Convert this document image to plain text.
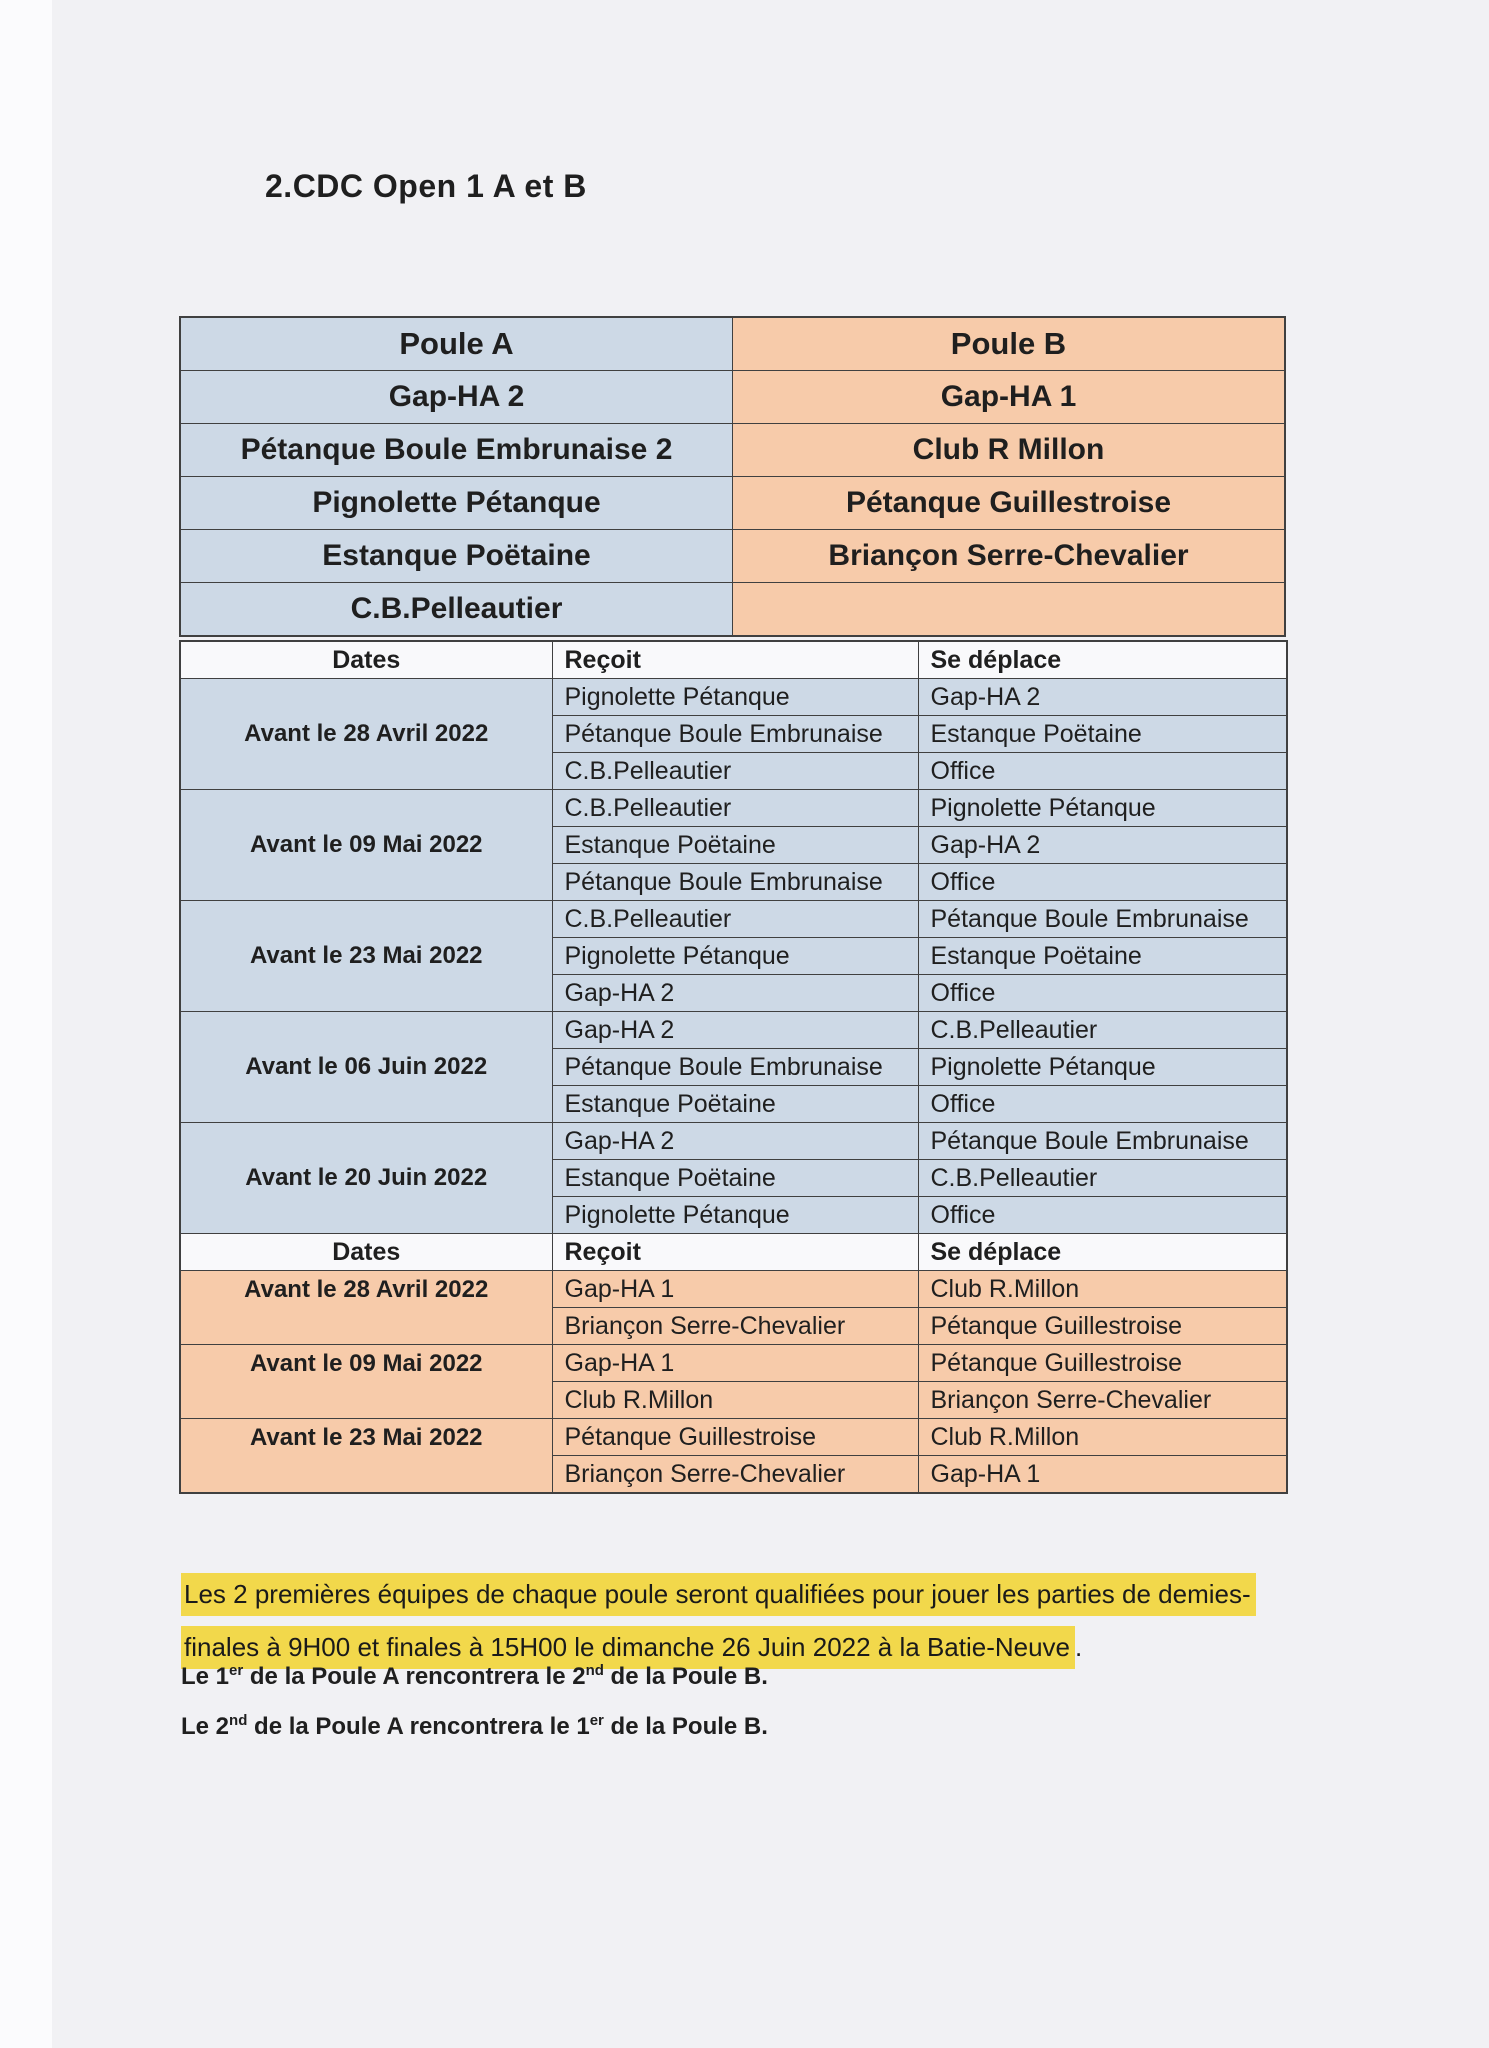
2.CDC Open 1 A et B
Poule A	Poule B
Gap-HA 2	Gap-HA 1
Pétanque Boule Embrunaise 2	Club R Millon
Pignolette Pétanque	Pétanque Guillestroise
Estanque Poëtaine	Briançon Serre-Chevalier
C.B.Pelleautier	
Dates	Reçoit	Se déplace

Avant le 28 Avril 2022	Pignolette Pétanque	Gap-HA 2
	Pétanque Boule Embrunaise	Estanque Poëtaine
	C.B.Pelleautier	Office

Avant le 09 Mai 2022	C.B.Pelleautier	Pignolette Pétanque
	Estanque Poëtaine	Gap-HA 2
	Pétanque Boule Embrunaise	Office

Avant le 23 Mai 2022	C.B.Pelleautier	Pétanque Boule Embrunaise
	Pignolette Pétanque	Estanque Poëtaine
	Gap-HA 2	Office

Avant le 06 Juin 2022	Gap-HA 2	C.B.Pelleautier
	Pétanque Boule Embrunaise	Pignolette Pétanque
	Estanque Poëtaine	Office

Avant le 20 Juin 2022	Gap-HA 2	Pétanque Boule Embrunaise
	Estanque Poëtaine	C.B.Pelleautier
	Pignolette Pétanque	Office
Dates	Reçoit	Se déplace

Avant le 28 Avril 2022	Gap-HA 1	Club R.Millon
	Briançon Serre-Chevalier	Pétanque Guillestroise

Avant le 09 Mai 2022	Gap-HA 1	Pétanque Guillestroise
	Club R.Millon	Briançon Serre-Chevalier

Avant le 23 Mai 2022	Pétanque Guillestroise	Club R.Millon
	Briançon Serre-Chevalier	Gap-HA 1
Les 2 premières équipes de chaque poule seront qualifiées pour jouer les parties de demies-
finales à 9H00 et finales à 15H00 le dimanche 26 Juin 2022 à la Batie-Neuve .

Le 1er de la Poule A rencontrera le 2nd de la Poule B.

Le 2nd de la Poule A rencontrera le 1er de la Poule B.
